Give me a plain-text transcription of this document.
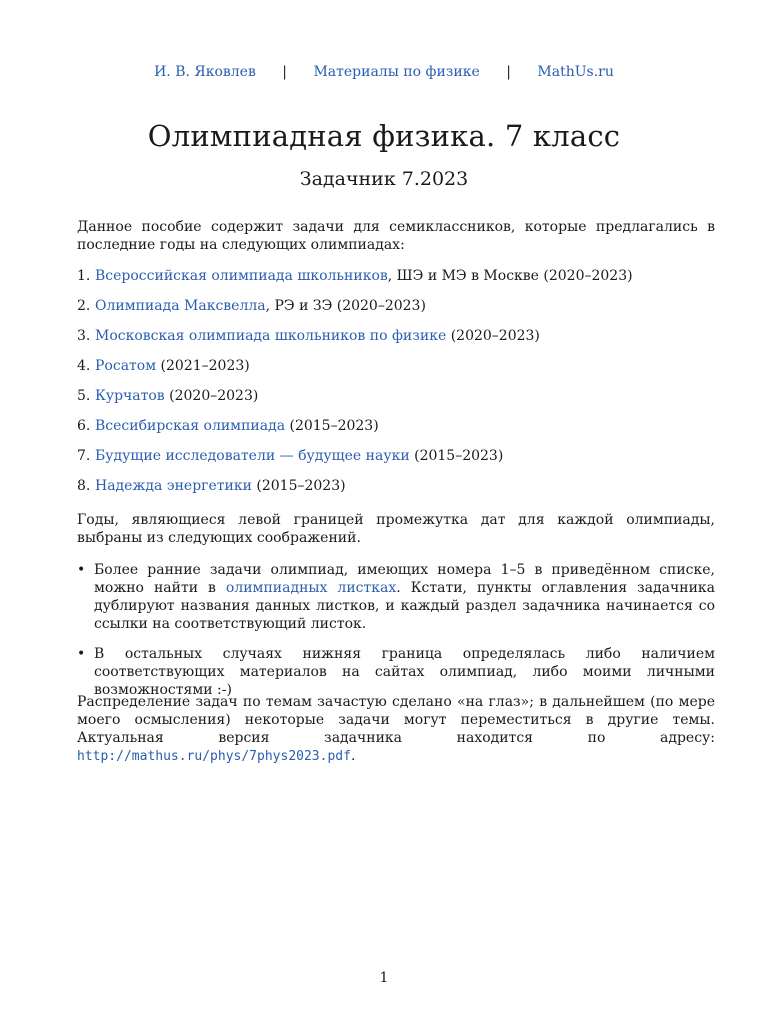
И. В. Яковлев | Материалы по физике | MathUs.ru
Олимпиадная физика. 7 класс
Задачник 7.2023

Данное пособие содержит задачи для семиклассников, которые предлагались в последние годы на следующих олимпиадах:

1. Всероссийская олимпиада школьников, ШЭ и МЭ в Москве (2020–2023)
2. Олимпиада Максвелла, РЭ и ЗЭ (2020–2023)
3. Московская олимпиада школьников по физике (2020–2023)
4. Росатом (2021–2023)
5. Курчатов (2020–2023)
6. Всесибирская олимпиада (2015–2023)
7. Будущие исследователи — будущее науки (2015–2023)
8. Надежда энергетики (2015–2023)

Годы, являющиеся левой границей промежутка дат для каждой олимпиады, выбраны из следующих соображений.

• Более ранние задачи олимпиад, имеющих номера 1–5 в приведённом списке, можно найти в олимпиадных листках. Кстати, пункты оглавления задачника дублируют названия данных листков, и каждый раздел задачника начинается со ссылки на соответствующий листок.
• В остальных случаях нижняя граница определялась либо наличием соответствующих материалов на сайтах олимпиад, либо моими личными возможностями :-)

Распределение задач по темам зачастую сделано «на глаз»; в дальнейшем (по мере моего осмысления) некоторые задачи могут переместиться в другие темы. Актуальная версия задачника находится по адресу: http://mathus.ru/phys/7phys2023.pdf.

1
